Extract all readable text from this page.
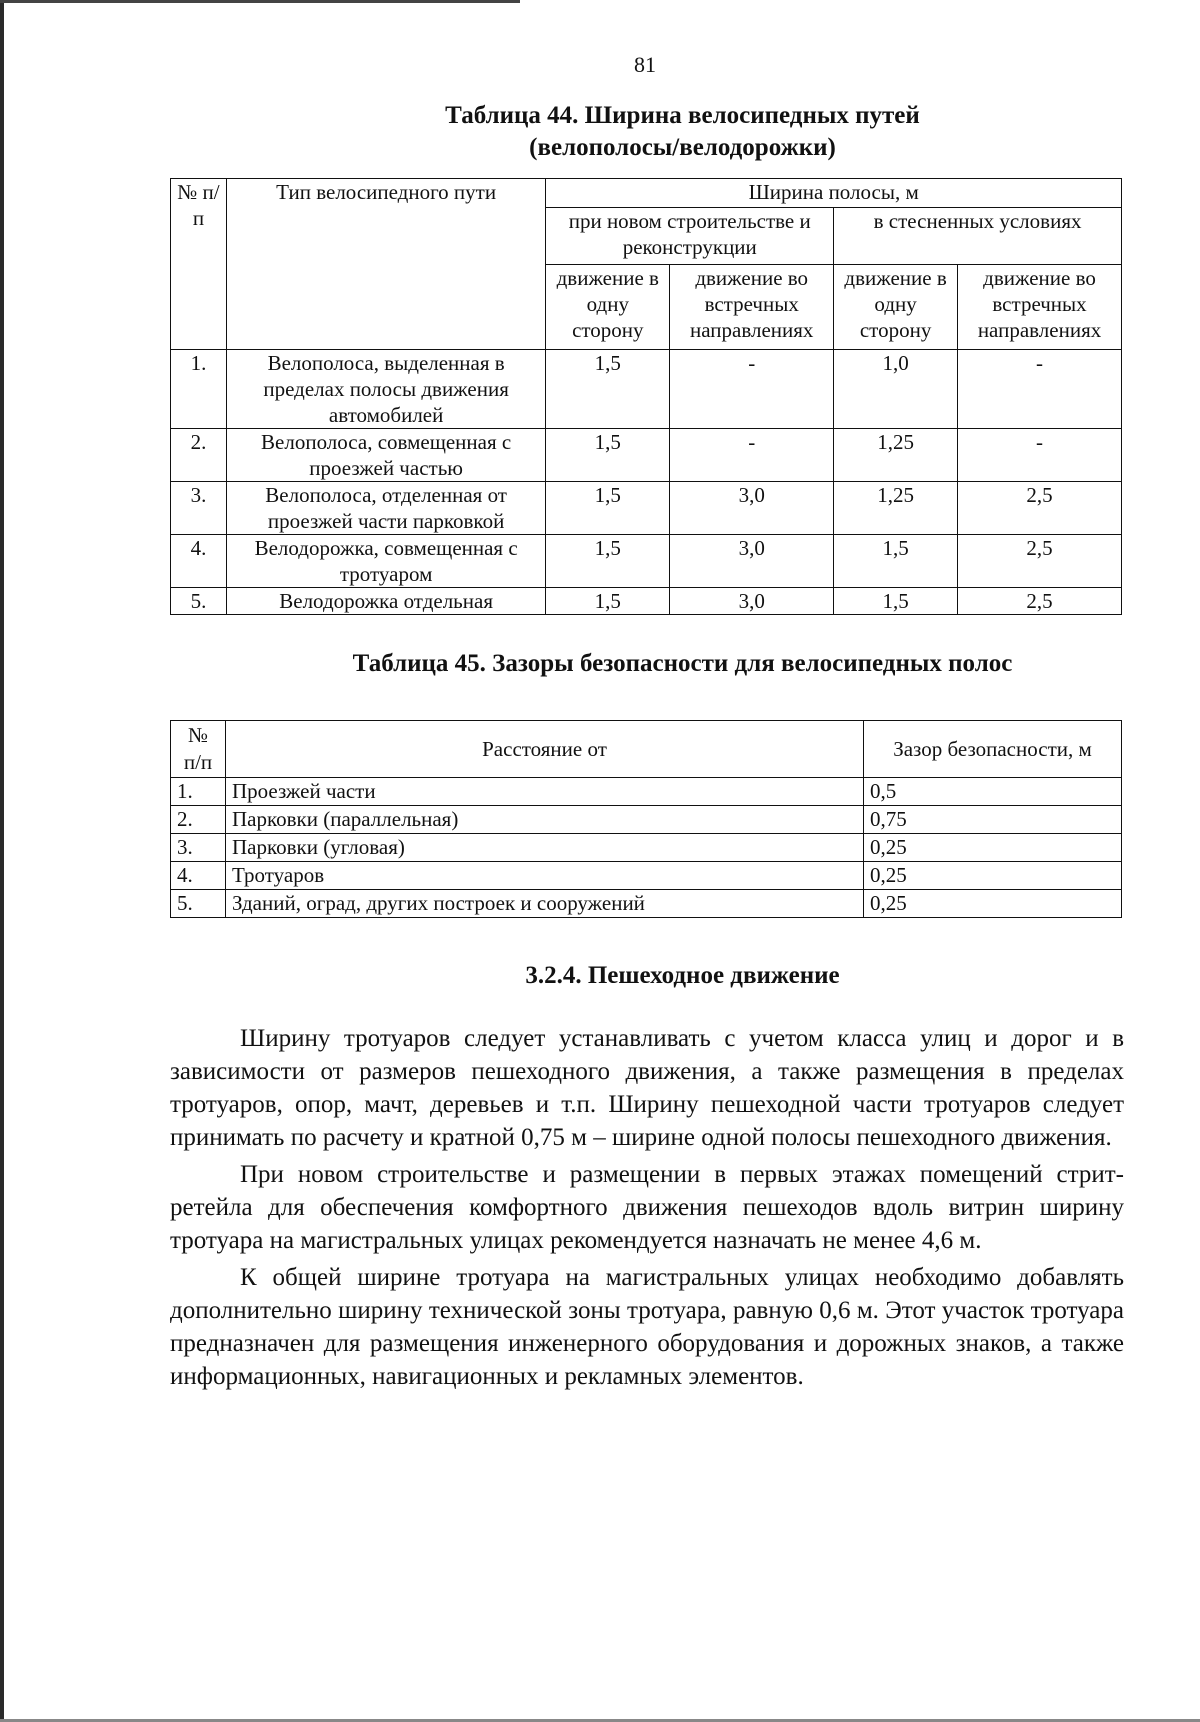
81
Таблица 44. Ширина велосипедных путей
(велополосы/велодорожки)
№ п/п	Тип велосипедного пути	Ширина полосы, м			
		при новом строительстве и реконструкции		в стесненных условиях	
		движение в одну сторону	движение во встречных направлениях	движение в одну сторону	движение во встречных направлениях
1.	Велополоса, выделенная в пределах полосы движения автомобилей	1,5	-	1,0	-
2.	Велополоса, совмещенная с проезжей частью	1,5	-	1,25	-
3.	Велополоса, отделенная от проезжей части парковкой	1,5	3,0	1,25	2,5
4.	Велодорожка, совмещенная с тротуаром	1,5	3,0	1,5	2,5
5.	Велодорожка отдельная	1,5	3,0	1,5	2,5
Таблица 45. Зазоры безопасности для велосипедных полос
№ п/п	Расстояние от	Зазор безопасности, м
1.	Проезжей части	0,5
2.	Парковки (параллельная)	0,75
3.	Парковки (угловая)	0,25
4.	Тротуаров	0,25
5.	Зданий, оград, других построек и сооружений	0,25
3.2.4. Пешеходное движение

Ширину тротуаров следует устанавливать с учетом класса улиц и дорог и в зависимости от размеров пешеходного движения, а также размещения в пределах тротуаров, опор, мачт, деревьев и т.п. Ширину пешеходной части тротуаров следует принимать по расчету и кратной 0,75 м – ширине одной полосы пешеходного движения.

При новом строительстве и размещении в первых этажах помещений стрит-ретейла для обеспечения комфортного движения пешеходов вдоль витрин ширину тротуара на магистральных улицах рекомендуется назначать не менее 4,6 м.

К общей ширине тротуара на магистральных улицах необходимо добавлять дополнительно ширину технической зоны тротуара, равную 0,6 м. Этот участок тротуара предназначен для размещения инженерного оборудования и дорожных знаков, а также информационных, навигационных и рекламных элементов.
